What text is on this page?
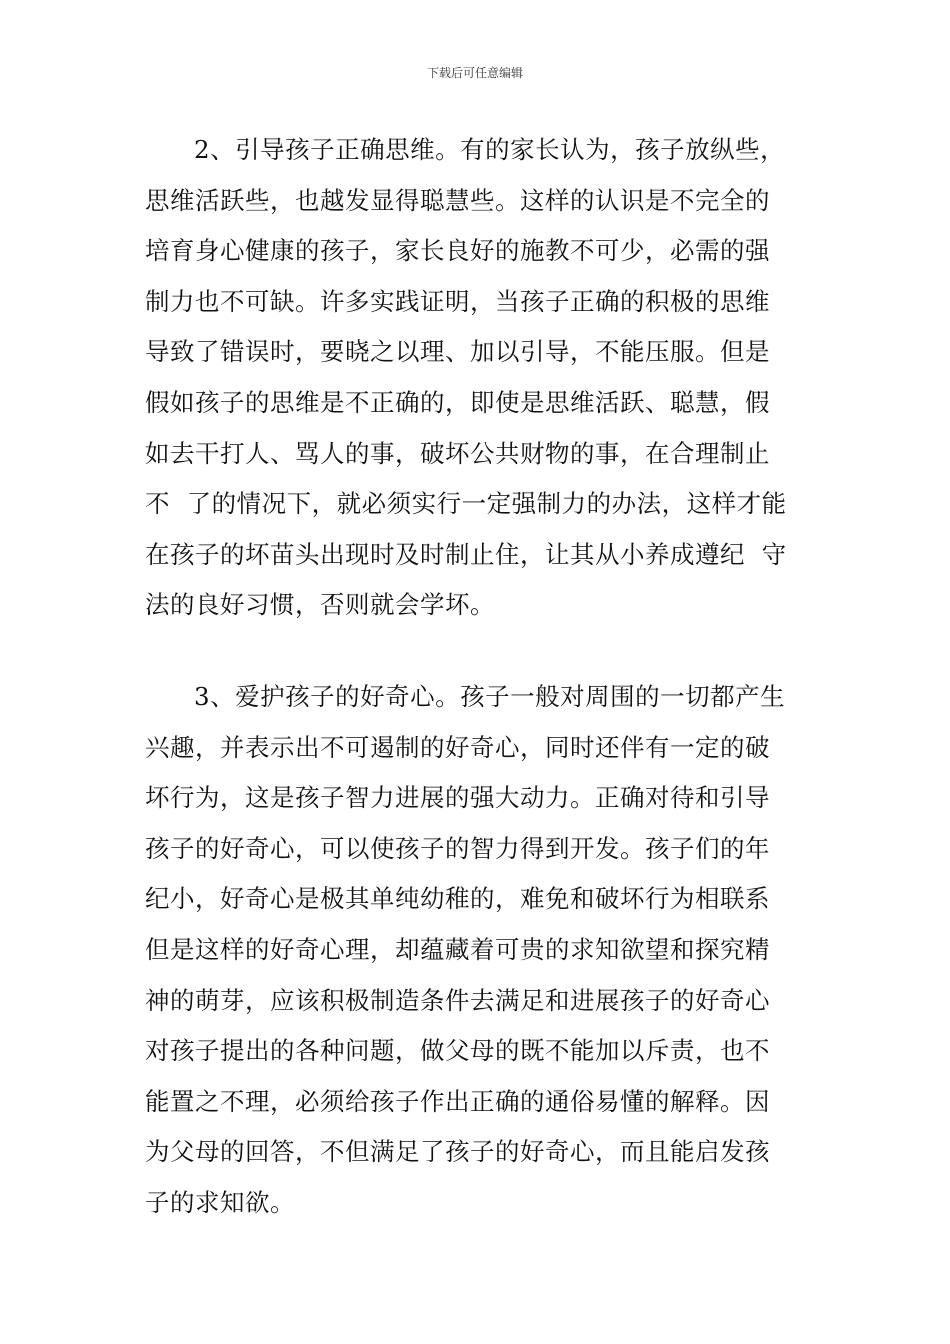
下载后可任意编辑
2、引导孩子正确思维。有的家长认为，孩子放纵些，
思维活跃些，也越发显得聪慧些。这样的认识是不完全的
培育身心健康的孩子，家长良好的施教不可少，必需的强
制力也不可缺。许多实践证明，当孩子正确的积极的思维
导致了错误时，要晓之以理、加以引导，不能压服。但是
假如孩子的思维是不正确的，即使是思维活跃、聪慧，假
如去干打人、骂人的事，破坏公共财物的事，在合理制止
不  了的情况下，就必须实行一定强制力的办法，这样才能
在孩子的坏苗头出现时及时制止住，让其从小养成遵纪  守
法的良好习惯，否则就会学坏。
3、爱护孩子的好奇心。孩子一般对周围的一切都产生
兴趣，并表示出不可遏制的好奇心，同时还伴有一定的破
坏行为，这是孩子智力进展的强大动力。正确对待和引导
孩子的好奇心，可以使孩子的智力得到开发。孩子们的年
纪小，好奇心是极其单纯幼稚的，难免和破坏行为相联系
但是这样的好奇心理，却蕴藏着可贵的求知欲望和探究精
神的萌芽，应该积极制造条件去满足和进展孩子的好奇心
对孩子提出的各种问题，做父母的既不能加以斥责，也不
能置之不理，必须给孩子作出正确的通俗易懂的解释。因
为父母的回答，不但满足了孩子的好奇心，而且能启发孩
子的求知欲。
